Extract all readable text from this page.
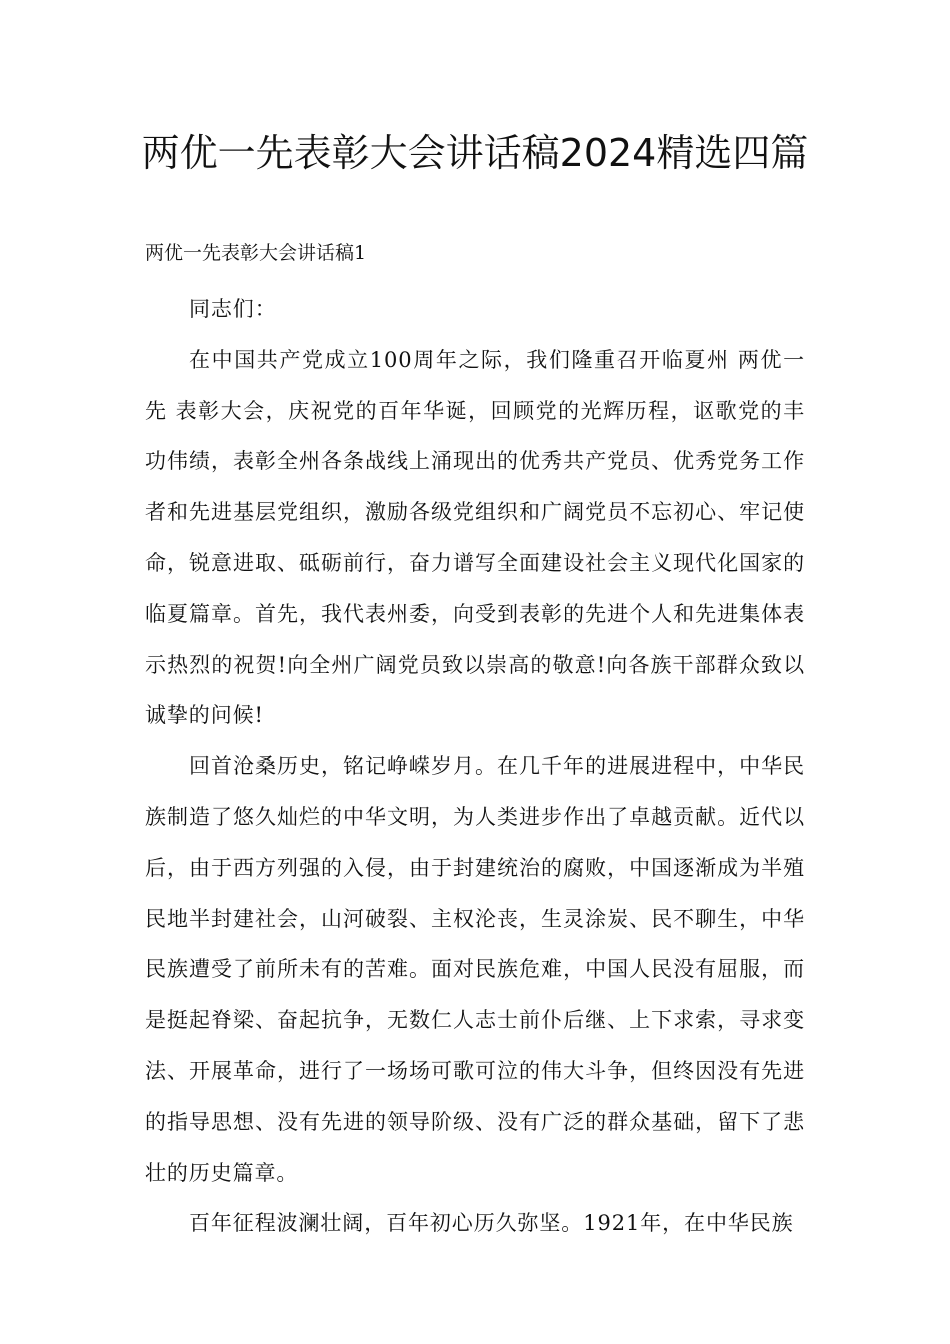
两优一先表彰大会讲话稿2024精选四篇

两优一先表彰大会讲话稿1

同志们：

在中国共产党成立100周年之际，我们隆重召开临夏州 两优一先 表彰大会，庆祝党的百年华诞，回顾党的光辉历程，讴歌党的丰功伟绩，表彰全州各条战线上涌现出的优秀共产党员、优秀党务工作者和先进基层党组织，激励各级党组织和广阔党员不忘初心、牢记使命，锐意进取、砥砺前行，奋力谱写全面建设社会主义现代化国家的临夏篇章。首先，我代表州委，向受到表彰的先进个人和先进集体表示热烈的祝贺!向全州广阔党员致以崇高的敬意!向各族干部群众致以诚挚的问候!

回首沧桑历史，铭记峥嵘岁月。在几千年的进展进程中，中华民族制造了悠久灿烂的中华文明，为人类进步作出了卓越贡献。近代以后，由于西方列强的入侵，由于封建统治的腐败，中国逐渐成为半殖民地半封建社会，山河破裂、主权沦丧，生灵涂炭、民不聊生，中华民族遭受了前所未有的苦难。面对民族危难，中国人民没有屈服，而是挺起脊梁、奋起抗争，无数仁人志士前仆后继、上下求索，寻求变法、开展革命，进行了一场场可歌可泣的伟大斗争，但终因没有先进的指导思想、没有先进的领导阶级、没有广泛的群众基础，留下了悲壮的历史篇章。

百年征程波澜壮阔，百年初心历久弥坚。1921年，在中华民族
